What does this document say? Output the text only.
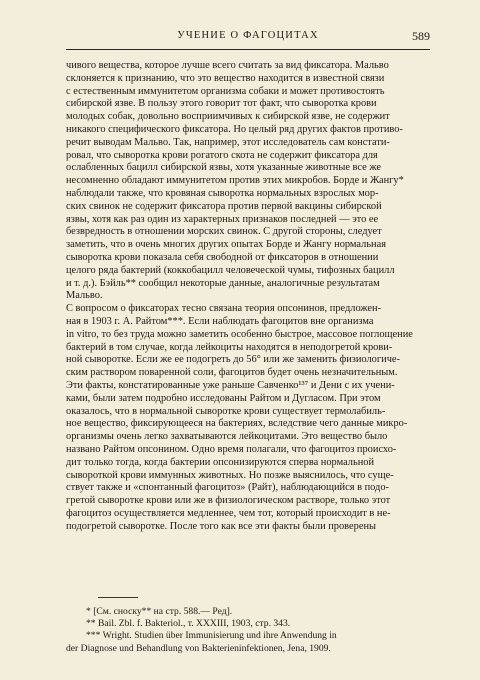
УЧЕНИЕ О ФАГОЦИТАХ	589

чивого вещества, которое лучше всего считать за вид фиксатора. Мальво

склоняется к признанию, что это вещество находится в известной связи

с естественным иммунитетом организма собаки и может противостоять

сибирской язве. В пользу этого говорит тот факт, что сыворотка крови

молодых собак, довольно восприимчивых к сибирской язве, не содержит

никакого специфического фиксатора. Но целый ряд других фактов противо-

речит выводам Мальво. Так, например, этот исследователь сам констати-

ровал, что сыворотка крови рогатого скота не содержит фиксатора для

ослабленных бацилл сибирской язвы, хотя указанные животные все же

несомненно обладают иммунитетом против этих микробов. Борде и Жангу*

наблюдали также, что кровяная сыворотка нормальных взрослых мор-

ских свинок не содержит фиксатора против первой вакцины сибирской

язвы, хотя как раз один из характерных признаков последней — это ее

безвредность в отношении морских свинок. С другой стороны, следует

заметить, что в очень многих других опытах Борде и Жангу нормальная

сыворотка крови показала себя свободной от фиксаторов в отношении

целого ряда бактерий (коккобацилл человеческой чумы, тифозных бацилл

и т. д.). Бэйль** сообщил некоторые данные, аналогичные результатам

Мальво.

С вопросом о фиксаторах тесно связана теория опсонинов, предложен-

ная в 1903 г. А. Райтом***. Если наблюдать фагоцитов вне организма

in vitro, то без труда можно заметить особенно быстрое, массовое поглощение

бактерий в том случае, когда лейкоциты находятся в неподогретой крови-

ной сыворотке. Если же ее подогреть до 56° или же заменить физиологиче-

ским раствором поваренной соли, фагоцитов будет очень незначительным.

Эти факты, констатированные уже раньше Савченко¹³⁷ и Дени с их учени-

ками, были затем подробно исследованы Райтом и Дугласом. При этом

оказалось, что в нормальной сыворотке крови существует термолабиль-

ное вещество, фиксирующееся на бактериях, вследствие чего данные микро-

организмы очень легко захватываются лейкоцитами. Это вещество было

названо Райтом опсонином. Одно время полагали, что фагоцитоз происхо-

дит только тогда, когда бактерии опсонизируются сперва нормальной

сывороткой крови иммунных животных. Но позже выяснилось, что суще-

ствует также и «спонтанный фагоцитоз» (Райт), наблюдающийся в подо-

гретой сыворотке крови или же в физиологическом растворе, только этот

фагоцитоз осуществляется медленнее, чем тот, который происходит в не-

подогретой сыворотке. После того как все эти факты были проверены

* [См. сноску** на стр. 588.— Ред].
** Bail. Zbl. f. Bakteriol., т. XXXIII, 1903, стр. 343.
*** Wright. Studien über Immunisierung und ihre Anwendung in
der Diagnose und Behandlung von Bakterieninfektionen, Jena, 1909.
